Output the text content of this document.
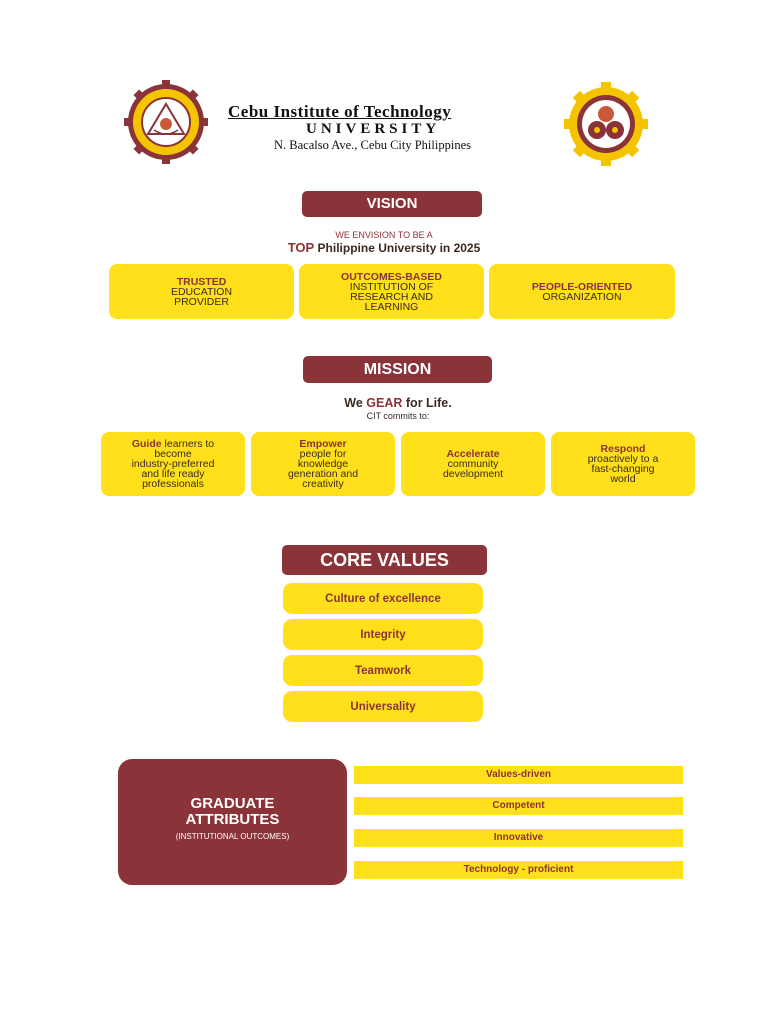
Cebu Institute of Technology
UNIVERSITY
N. Bacalso Ave., Cebu City Philippines
VISION
WE ENVISION TO BE A
TOP Philippine University in 2025
TRUSTED
EDUCATION
PROVIDER
OUTCOMES-BASED
INSTITUTION OF
RESEARCH AND
LEARNING
PEOPLE-ORIENTED
ORGANIZATION
MISSION
We GEAR for Life.
CIT commits to:
Guide learners to
become
industry-preferred
and life ready
professionals
Empower
people for
knowledge
generation and
creativity
Accelerate
community
development
Respond
proactively to a
fast-changing
world
CORE VALUES
Culture of excellence
Integrity
Teamwork
Universality
GRADUATE
ATTRIBUTES
(INSTITUTIONAL OUTCOMES)
Values-driven
Competent
Innovative
Technology - proficient
